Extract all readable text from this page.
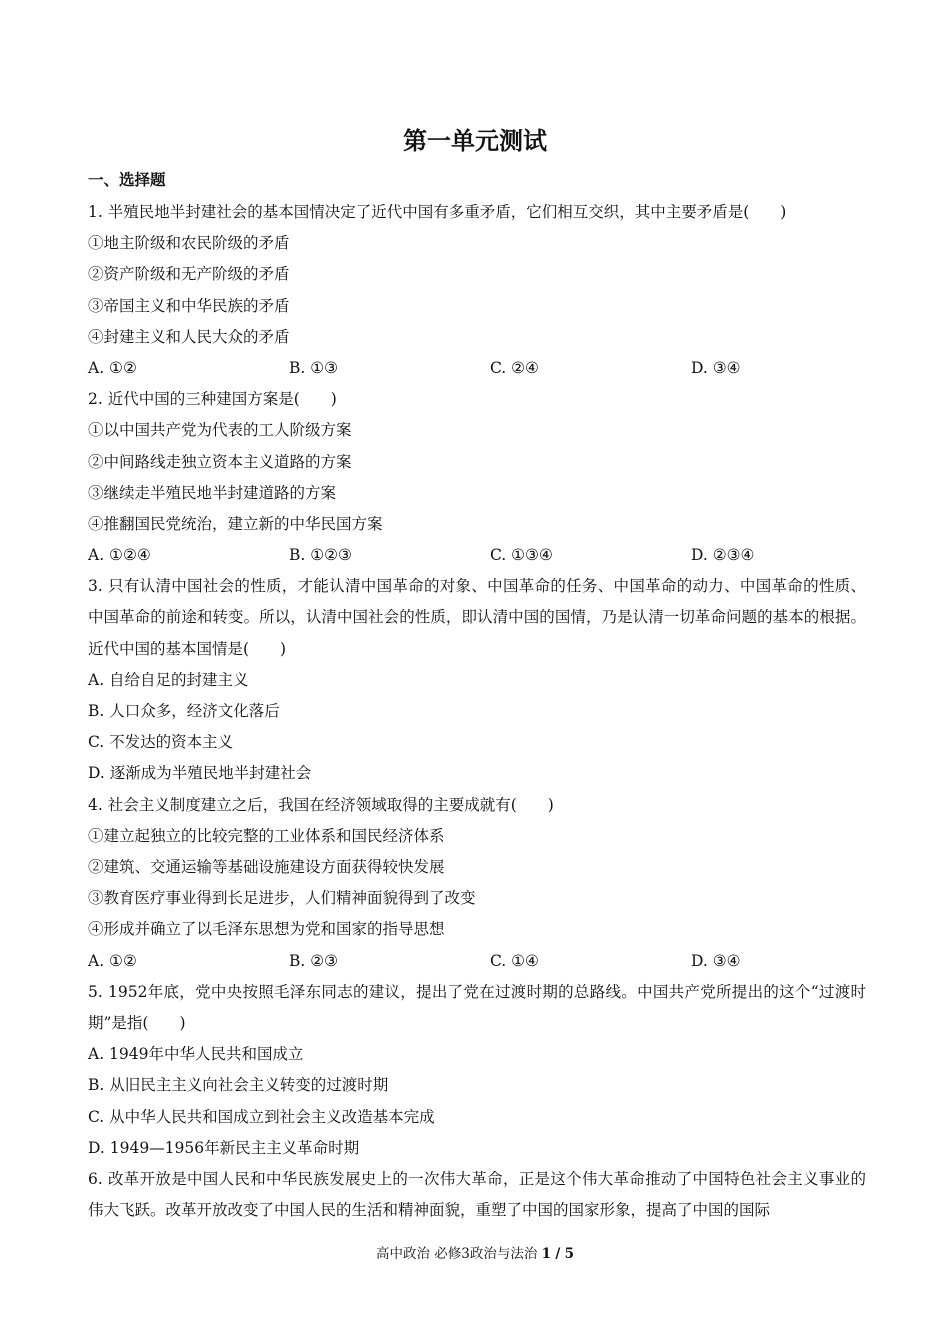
第一单元测试
一、选择题
1. 半殖民地半封建社会的基本国情决定了近代中国有多重矛盾，它们相互交织，其中主要矛盾是(　　)
①地主阶级和农民阶级的矛盾
②资产阶级和无产阶级的矛盾
③帝国主义和中华民族的矛盾
④封建主义和人民大众的矛盾
A. ①②	B. ①③	C. ②④	D. ③④
2. 近代中国的三种建国方案是(　　)
①以中国共产党为代表的工人阶级方案
②中间路线走独立资本主义道路的方案
③继续走半殖民地半封建道路的方案
④推翻国民党统治，建立新的中华民国方案
A. ①②④	B. ①②③	C. ①③④	D. ②③④
3. 只有认清中国社会的性质，才能认清中国革命的对象、中国革命的任务、中国革命的动力、中国革命的性质、中国革命的前途和转变。所以，认清中国社会的性质，即认清中国的国情，乃是认清一切革命问题的基本的根据。近代中国的基本国情是(　　)
A. 自给自足的封建主义
B. 人口众多，经济文化落后
C. 不发达的资本主义
D. 逐渐成为半殖民地半封建社会
4. 社会主义制度建立之后，我国在经济领域取得的主要成就有(　　)
①建立起独立的比较完整的工业体系和国民经济体系
②建筑、交通运输等基础设施建设方面获得较快发展
③教育医疗事业得到长足进步，人们精神面貌得到了改变
④形成并确立了以毛泽东思想为党和国家的指导思想
A. ①②	B. ②③	C. ①④	D. ③④
5. 1952年底，党中央按照毛泽东同志的建议，提出了党在过渡时期的总路线。中国共产党所提出的这个“过渡时期”是指(　　)
A. 1949年中华人民共和国成立
B. 从旧民主主义向社会主义转变的过渡时期
C. 从中华人民共和国成立到社会主义改造基本完成
D. 1949—1956年新民主主义革命时期
6. 改革开放是中国人民和中华民族发展史上的一次伟大革命，正是这个伟大革命推动了中国特色社会主义事业的伟大飞跃。改革开放改变了中国人民的生活和精神面貌，重塑了中国的国家形象，提高了中国的国际
高中政治 必修3政治与法治 1 / 5
